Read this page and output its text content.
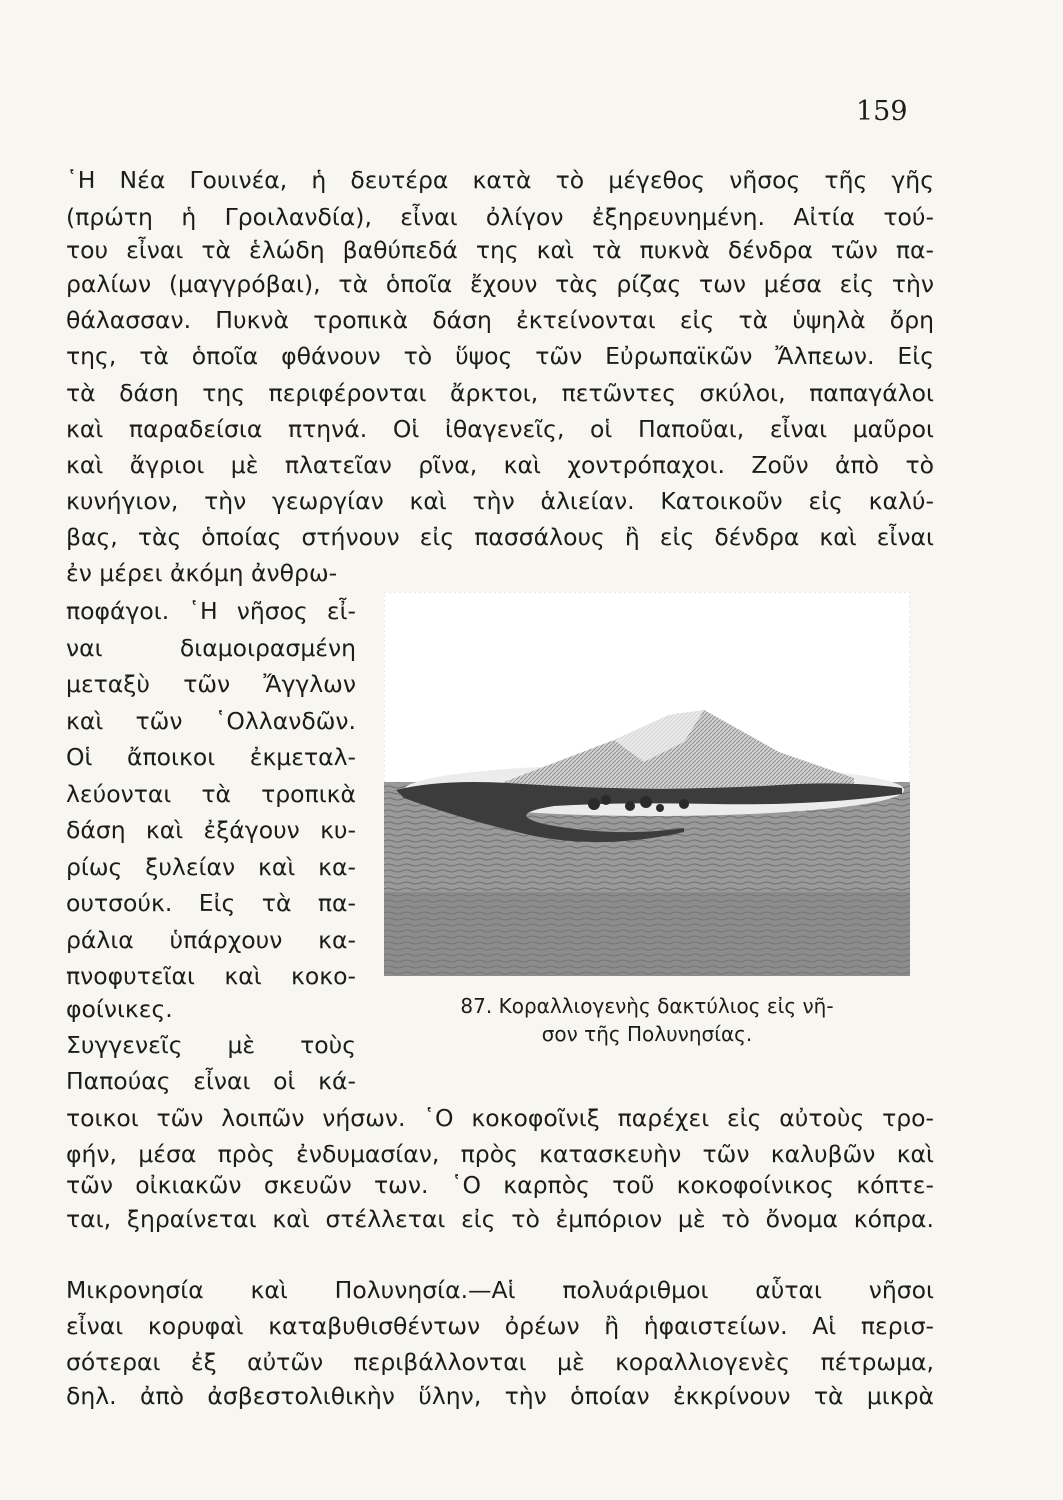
159
῾Η Νέα Γουινέα, ἡ δευτέρα κατὰ τὸ μέγεθος νῆσος τῆς γῆς
(πρώτη ἡ Γροιλανδία), εἶναι ὀλίγον ἐξηρευνημένη. Αἰτία τού-
του εἶναι τὰ ἑλώδη βαθύπεδά της καὶ τὰ πυκνὰ δένδρα τῶν πα-
ραλίων (μαγγρόβαι), τὰ ὁποῖα ἔχουν τὰς ρίζας των μέσα εἰς τὴν
θάλασσαν. Πυκνὰ τροπικὰ δάση ἐκτείνονται εἰς τὰ ὑψηλὰ ὄρη
της, τὰ ὁποῖα φθάνουν τὸ ὕψος τῶν Εὐρωπαϊκῶν Ἄλπεων. Εἰς
τὰ δάση της περιφέρονται ἄρκτοι, πετῶντες σκύλοι, παπαγάλοι
καὶ παραδείσια πτηνά. Οἱ ἰθαγενεῖς, οἱ Παποῦαι, εἶναι μαῦροι
καὶ ἄγριοι μὲ πλατεῖαν ρῖνα, καὶ χοντρόπαχοι. Ζοῦν ἀπὸ τὸ
κυνήγιον, τὴν γεωργίαν καὶ τὴν ἁλιείαν. Κατοικοῦν εἰς καλύ-
βας, τὰς ὁποίας στήνουν εἰς πασσάλους ἢ εἰς δένδρα καὶ εἶναι
ἐν μέρει ἀκόμη ἀνθρω-
ποφάγοι. ῾Η νῆσος εἶ-
ναι διαμοιρασμένη
μεταξὺ τῶν Ἄγγλων
καὶ τῶν ῾Ολλανδῶν.
Οἱ ἄποικοι ἐκμεταλ-
λεύονται τὰ τροπικὰ
δάση καὶ ἐξάγουν κυ-
ρίως ξυλείαν καὶ κα-
ουτσούκ. Εἰς τὰ πα-
ράλια ὑπάρχουν κα-
πνοφυτεῖαι καὶ κοκο-
φοίνικες.
Συγγενεῖς μὲ τοὺς
Παπούας εἶναι οἱ κά-
τοικοι τῶν λοιπῶν νήσων. ῾Ο κοκοφοῖνιξ παρέχει εἰς αὐτοὺς τρο-
φήν, μέσα πρὸς ἐνδυμασίαν, πρὸς κατασκευὴν τῶν καλυβῶν καὶ
τῶν οἰκιακῶν σκευῶν των. ῾Ο καρπὸς τοῦ κοκοφοίνικος κόπτε-
ται, ξηραίνεται καὶ στέλλεται εἰς τὸ ἐμπόριον μὲ τὸ ὄνομα κόπρα.
Μικρονησία καὶ Πολυνησία.—Αἱ πολυάριθμοι αὗται νῆσοι
εἶναι κορυφαὶ καταβυθισθέντων ὀρέων ἢ ἡφαιστείων. Αἱ περισ-
σότεραι ἐξ αὐτῶν περιβάλλονται μὲ κοραλλιογενὲς πέτρωμα,
δηλ. ἀπὸ ἀσβεστολιθικὴν ὕλην, τὴν ὁποίαν ἐκκρίνουν τὰ μικρὰ
87. Κοραλλιογενὴς δακτύλιος εἰς νῆ-
σον τῆς Πολυνησίας.
